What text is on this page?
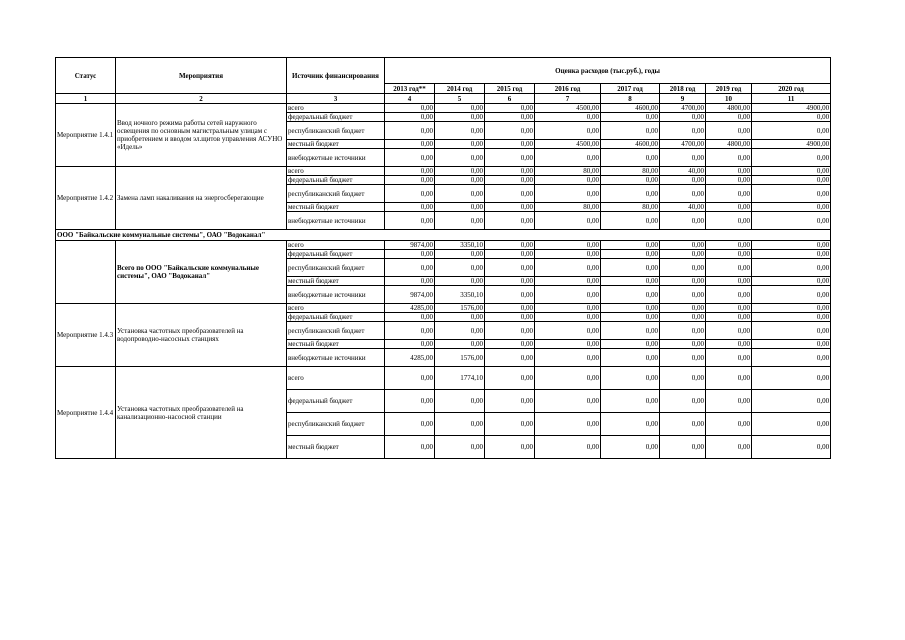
Статус	Мероприятия	Источник финансирования	Оценка расходов (тыс.руб.), годы							
			2013 год**	2014 год	2015 год	2016 год	2017 год	2018 год	2019 год	2020 год
1	2	3	4	5	6	7	8	9	10	11
Мероприятие 1.4.1	Ввод ночного режима работы сетей наружного освещения по основным магистральным улицам с приобретением и вводом эл.щитов управления АСУНО «Идель»	всего	0,00	0,00	0,00	4500,00	4600,00	4700,00	4800,00	4900,00
		федеральный бюджет	0,00	0,00	0,00	0,00	0,00	0,00	0,00	0,00
		республиканский бюджет	0,00	0,00	0,00	0,00	0,00	0,00	0,00	0,00
		местный бюджет	0,00	0,00	0,00	4500,00	4600,00	4700,00	4800,00	4900,00
		внебюджетные источники	0,00	0,00	0,00	0,00	0,00	0,00	0,00	0,00
Мероприятие 1.4.2	Замена ламп накаливания на энергосберегающие	всего	0,00	0,00	0,00	80,00	80,00	40,00	0,00	0,00
		федеральный бюджет	0,00	0,00	0,00	0,00	0,00	0,00	0,00	0,00
		республиканский бюджет	0,00	0,00	0,00	0,00	0,00	0,00	0,00	0,00
		местный бюджет	0,00	0,00	0,00	80,00	80,00	40,00	0,00	0,00
		внебюджетные источники	0,00	0,00	0,00	0,00	0,00	0,00	0,00	0,00
ООО "Байкальские коммунальные системы", ОАО "Водоканал"										
	Всего по ООО "Байкальские коммунальные системы", ОАО "Водоканал"	всего	9874,00	3350,10	0,00	0,00	0,00	0,00	0,00	0,00
		федеральный бюджет	0,00	0,00	0,00	0,00	0,00	0,00	0,00	0,00
		республиканский бюджет	0,00	0,00	0,00	0,00	0,00	0,00	0,00	0,00
		местный бюджет	0,00	0,00	0,00	0,00	0,00	0,00	0,00	0,00
		внебюджетные источники	9874,00	3350,10	0,00	0,00	0,00	0,00	0,00	0,00
Мероприятие 1.4.3	Установка частотных преобразователей на водопроводно-насосных станциях	всего	4285,00	1576,00	0,00	0,00	0,00	0,00	0,00	0,00
		федеральный бюджет	0,00	0,00	0,00	0,00	0,00	0,00	0,00	0,00
		республиканский бюджет	0,00	0,00	0,00	0,00	0,00	0,00	0,00	0,00
		местный бюджет	0,00	0,00	0,00	0,00	0,00	0,00	0,00	0,00
		внебюджетные источники	4285,00	1576,00	0,00	0,00	0,00	0,00	0,00	0,00
Мероприятие 1.4.4	Установка частотных преобразователей на канализационно-насосной станции	всего	0,00	1774,10	0,00	0,00	0,00	0,00	0,00	0,00
		федеральный бюджет	0,00	0,00	0,00	0,00	0,00	0,00	0,00	0,00
		республиканский бюджет	0,00	0,00	0,00	0,00	0,00	0,00	0,00	0,00
		местный бюджет	0,00	0,00	0,00	0,00	0,00	0,00	0,00	0,00
